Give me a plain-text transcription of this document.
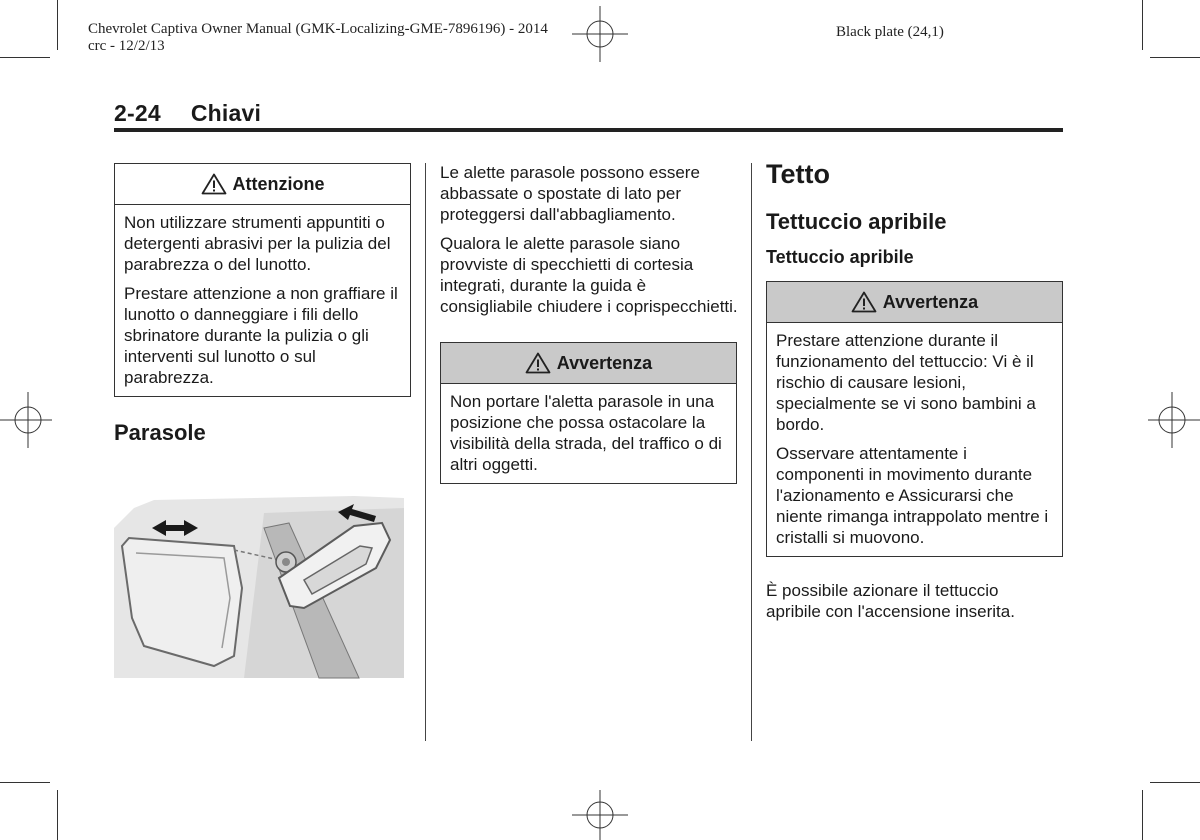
Chevrolet Captiva Owner Manual (GMK-Localizing-GME-7896196) - 2014
crc - 12/2/13
Black plate (24,1)
2-24 Chiavi
Attenzione

Non utilizzare strumenti appuntiti o detergenti abrasivi per la pulizia del parabrezza o del lunotto.

Prestare attenzione a non graffiare il lunotto o danneggiare i fili dello sbrinatore durante la pulizia o gli interventi sul lunotto o sul parabrezza.

Parasole

Le alette parasole possono essere abbassate o spostate di lato per proteggersi dall'abbagliamento.

Qualora le alette parasole siano provviste di specchietti di cortesia integrati, durante la guida è consigliabile chiudere i coprispecchietti.

Avvertenza

Non portare l'aletta parasole in una posizione che possa ostacolare la visibilità della strada, del traffico o di altri oggetti.

Tetto
Tettuccio apribile
Tettuccio apribile
Avvertenza

Prestare attenzione durante il funzionamento del tettuccio: Vi è il rischio di causare lesioni, specialmente se vi sono bambini a bordo.

Osservare attentamente i componenti in movimento durante l'azionamento e Assicurarsi che niente rimanga intrappolato mentre i cristalli si muovono.

È possibile azionare il tettuccio apribile con l'accensione inserita.
